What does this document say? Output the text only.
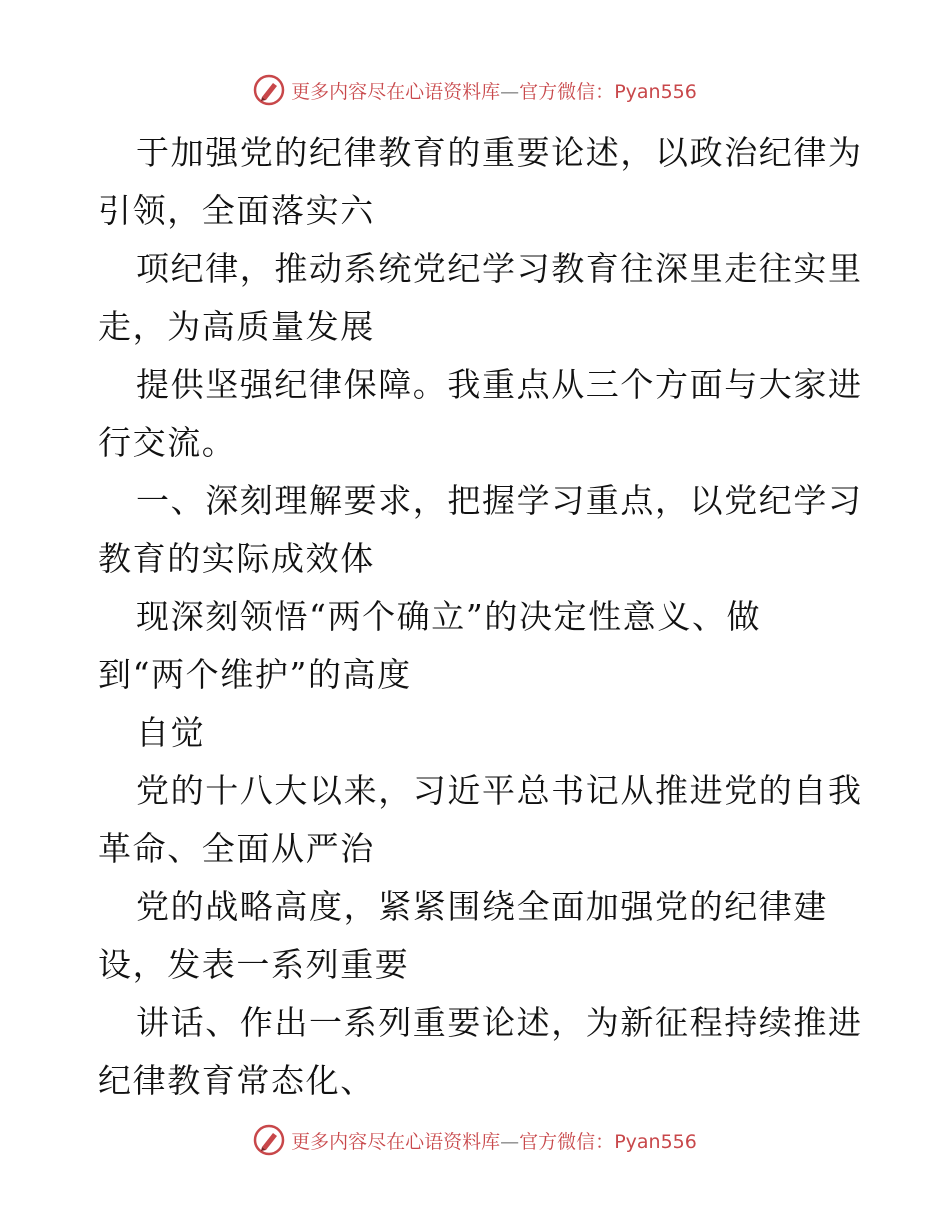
更多内容尽在心语资料库—官方微信：Pyan556

于加强党的纪律教育的重要论述，以政治纪律为
引领，全面落实六

项纪律，推动系统党纪学习教育往深里走往实里
走，为高质量发展

提供坚强纪律保障。我重点从三个方面与大家进
行交流。

一、深刻理解要求，把握学习重点，以党纪学习
教育的实际成效体

现深刻领悟“两个确立”的决定性意义、做
到“两个维护”的高度

自觉

党的十八大以来，习近平总书记从推进党的自我
革命、全面从严治

党的战略高度，紧紧围绕全面加强党的纪律建
设，发表一系列重要

讲话、作出一系列重要论述，为新征程持续推进
纪律教育常态化、

更多内容尽在心语资料库—官方微信：Pyan556
